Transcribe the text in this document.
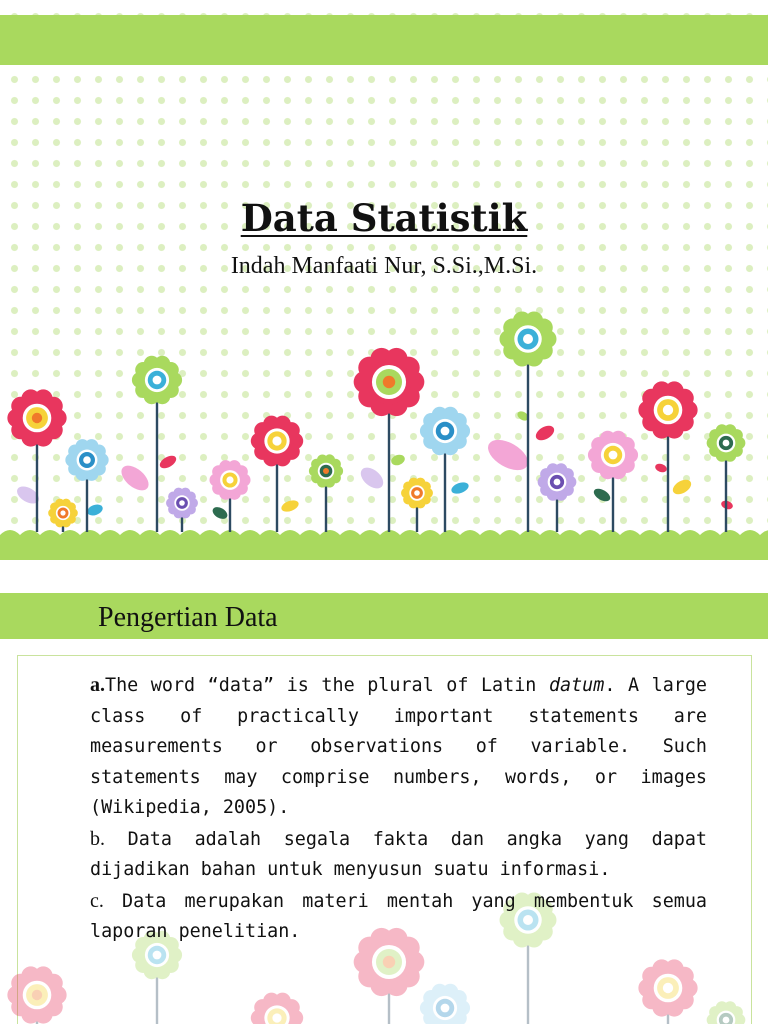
Data Statistik
Indah Manfaati Nur, S.Si.,M.Si.
Pengertian Data
a.The word “data” is the plural of Latin datum. A large class of practically important statements are measurements or observations of variable. Such statements may comprise numbers, words, or images (Wikipedia, 2005).
b. Data adalah segala fakta dan angka yang dapat dijadikan bahan untuk menyusun suatu informasi.
c. Data merupakan materi mentah yang membentuk semua laporan penelitian.
